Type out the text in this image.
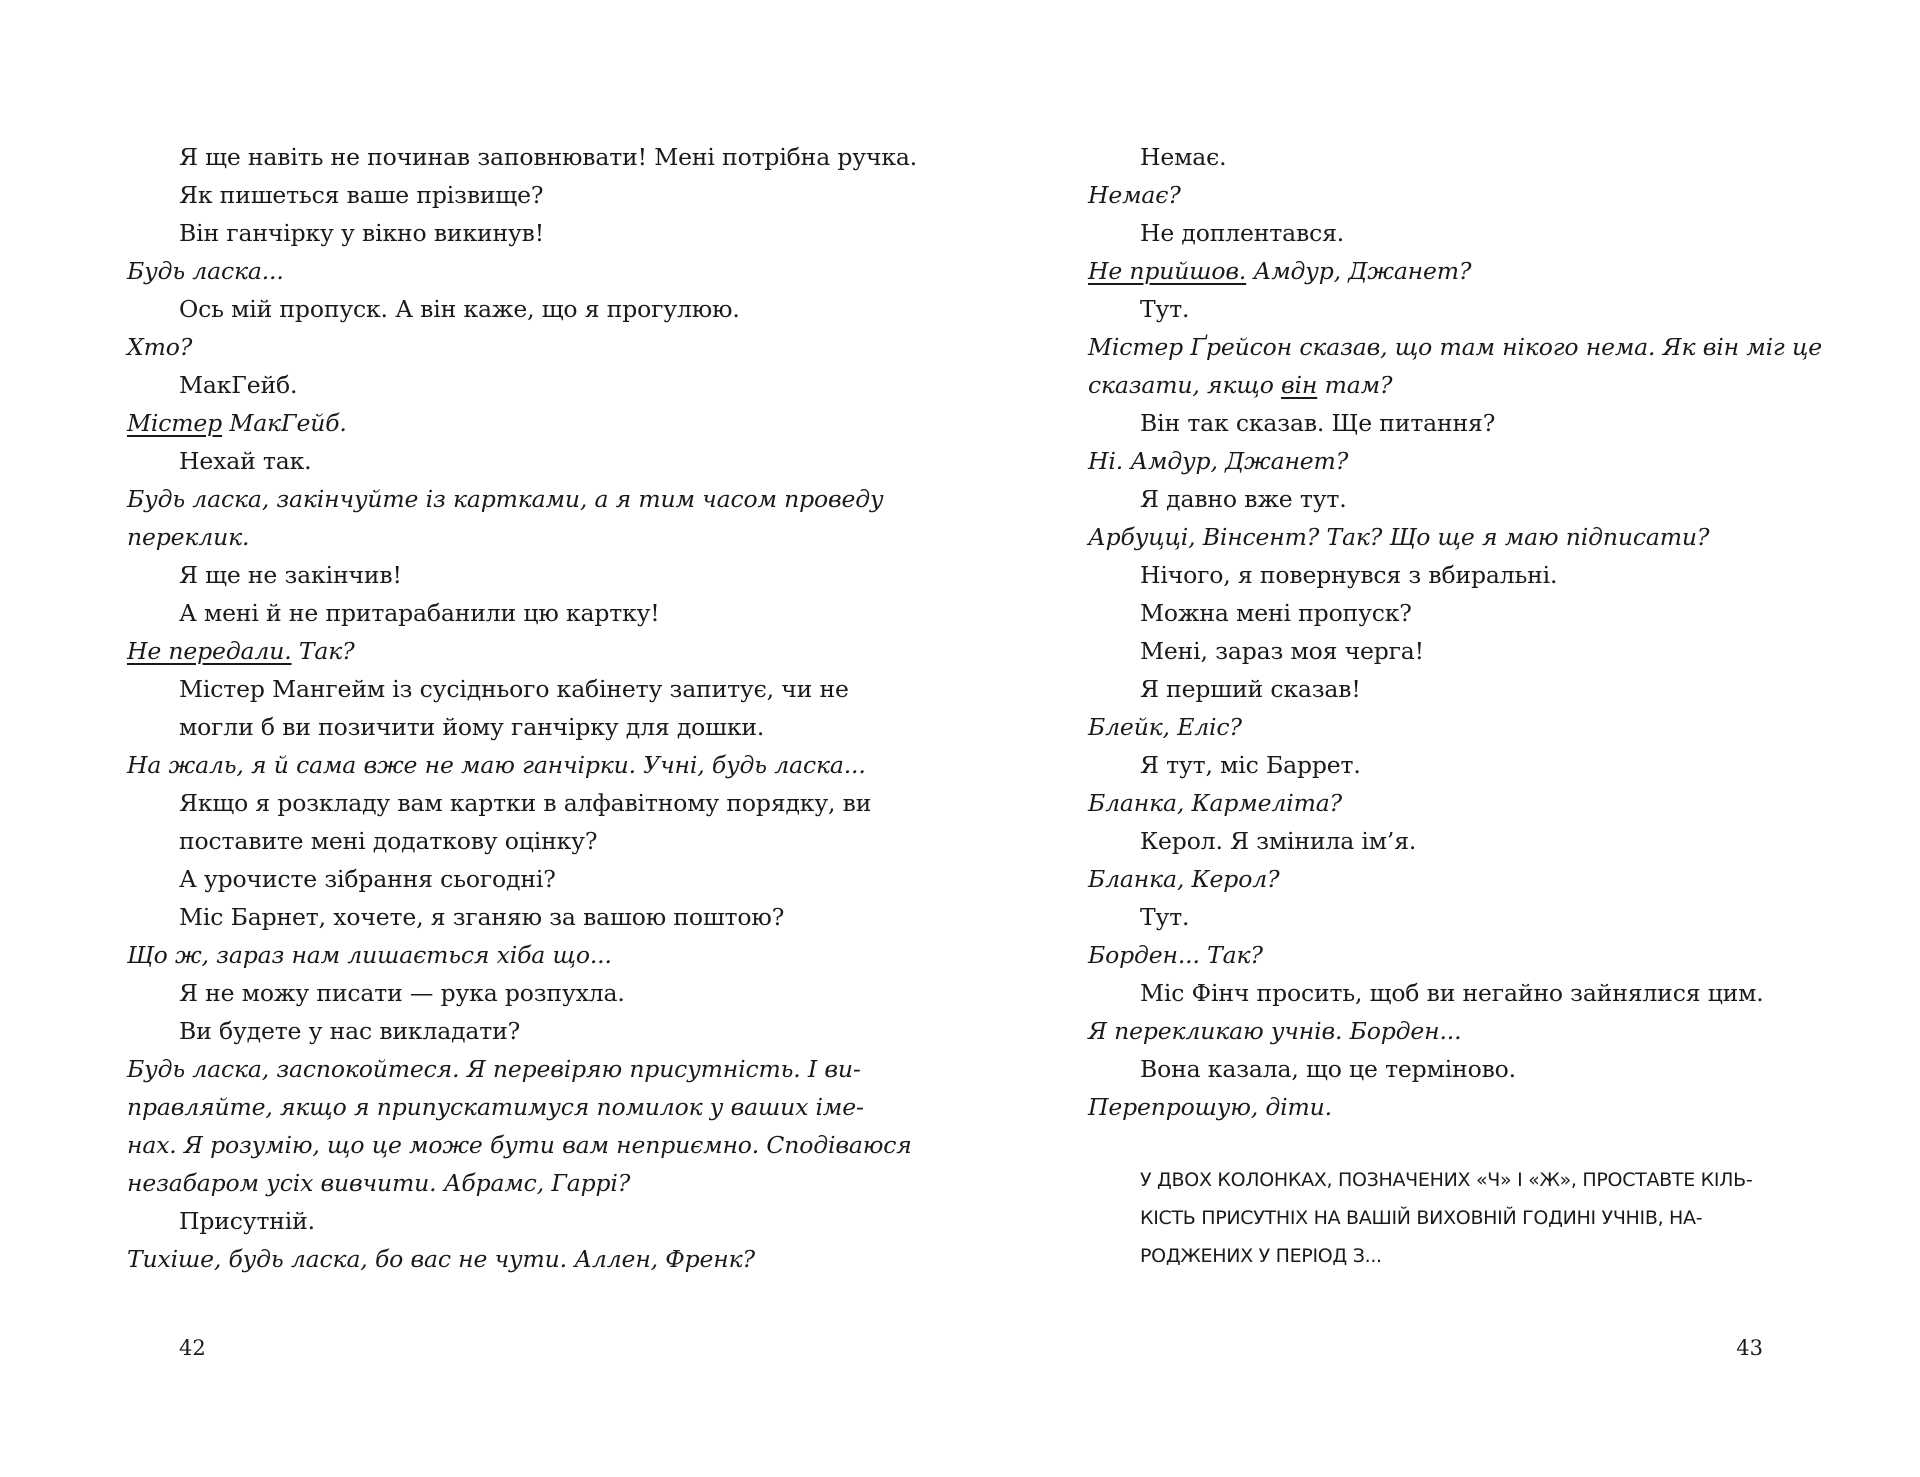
Я ще навіть не починав заповнювати! Мені потрібна ручка.
Як пишеться ваше прізвище?
Він ганчірку у вікно викинув!
Будь ласка...
Ось мій пропуск. А він каже, що я прогулюю.
Хто?
МакГейб.
Містер МакГейб.
Нехай так.
Будь ласка, закінчуйте із картками, а я тим часом проведу
переклик.
Я ще не закінчив!
А мені й не притарабанили цю картку!
Не передали. Так?
Містер Мангейм із сусіднього кабінету запитує, чи не
могли б ви позичити йому ганчірку для дошки.
На жаль, я й сама вже не маю ганчірки. Учні, будь ласка...
Якщо я розкладу вам картки в алфавітному порядку, ви
поставите мені додаткову оцінку?
А урочисте зібрання сьогодні?
Міс Барнет, хочете, я зганяю за вашою поштою?
Що ж, зараз нам лишається хіба що...
Я не можу писати — рука розпухла.
Ви будете у нас викладати?
Будь ласка, заспокойтеся. Я перевіряю присутність. І ви-
правляйте, якщо я припускатимуся помилок у ваших імe-
нах. Я розумію, що це може бути вам неприємно. Сподіваюся
незабаром усіх вивчити. Абрамс, Гаррі?
Присутній.
Тихіше, будь ласка, бо вас не чути. Аллен, Френк?
42
Немає.
Немає?
Не доплентався.
Не прийшов. Амдур, Джанет?
Тут.
Містер Ґрейсон сказав, що там нікого нема. Як він міг це
сказати, якщо він там?
Він так сказав. Ще питання?
Ні. Амдур, Джанет?
Я давно вже тут.
Арбуцці, Вінсент? Так? Що ще я маю підписати?
Нічого, я повернувся з вбиральні.
Можна мені пропуск?
Мені, зараз моя черга!
Я перший сказав!
Блейк, Еліс?
Я тут, міс Баррет.
Бланка, Кармеліта?
Керол. Я змінила ім’я.
Бланка, Керол?
Тут.
Борден... Так?
Міс Фінч просить, щоб ви негайно зайнялися цим.
Я перекликаю учнів. Борден...
Вона казала, що це терміново.
Перепрошую, діти.
У ДВОХ КОЛОНКАХ, ПОЗНАЧЕНИХ «Ч» І «Ж», ПРОСТАВТЕ КІЛЬ-
КІСТЬ ПРИСУТНІХ НА ВАШІЙ ВИХОВНІЙ ГОДИНІ УЧНІВ, НА-
РОДЖЕНИХ У ПЕРІОД З...
43
